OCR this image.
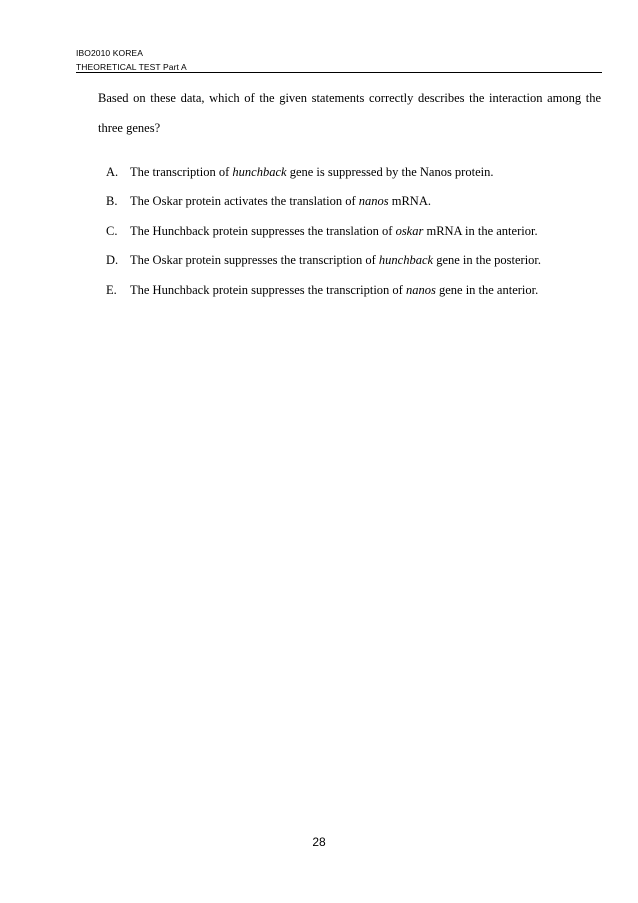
IBO2010 KOREA
THEORETICAL TEST Part A
Based on these data, which of the given statements correctly describes the interaction among the three genes?
A. The transcription of hunchback gene is suppressed by the Nanos protein.
B. The Oskar protein activates the translation of nanos mRNA.
C. The Hunchback protein suppresses the translation of oskar mRNA in the anterior.
D. The Oskar protein suppresses the transcription of hunchback gene in the posterior.
E. The Hunchback protein suppresses the transcription of nanos gene in the anterior.
28
